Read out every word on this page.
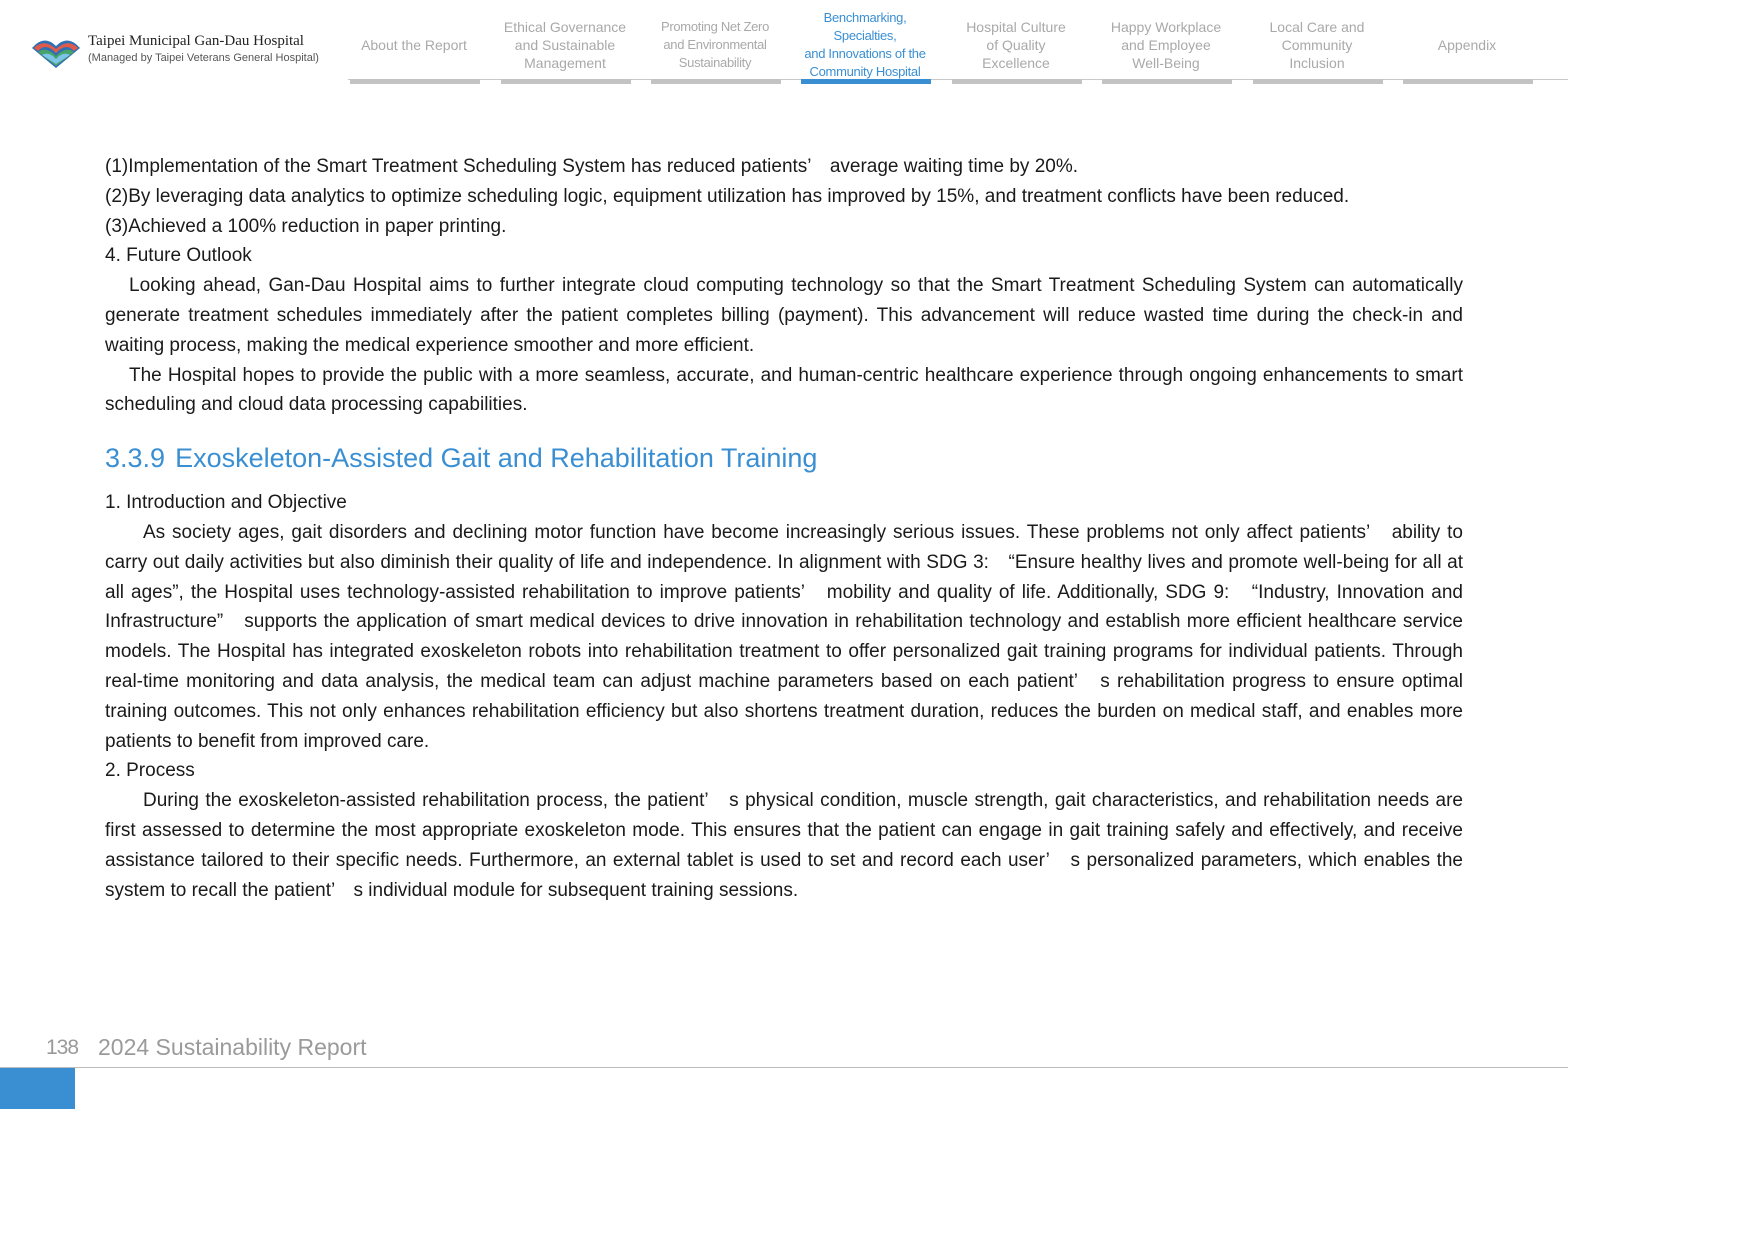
Taipei Municipal Gan-Dau Hospital
(Managed by Taipei Veterans General Hospital)
About the Report
Ethical Governance
and Sustainable
Management
Promoting Net Zero
and Environmental
Sustainability
Benchmarking, Specialties,
and Innovations of the
Community Hospital
Hospital Culture
of Quality
Excellence
Happy Workplace
and Employee
Well-Being
Local Care and
Community
Inclusion
Appendix
(1)Implementation of the Smart Treatment Scheduling System has reduced patients’　average waiting time by 20%.
(2)By leveraging data analytics to optimize scheduling logic, equipment utilization has improved by 15%, and treatment conflicts have been reduced.
(3)Achieved a 100% reduction in paper printing.
4. Future Outlook
Looking ahead, Gan-Dau Hospital aims to further integrate cloud computing technology so that the Smart Treatment Scheduling System can automatically generate treatment schedules immediately after the patient completes billing (payment). This advancement will reduce wasted time during the check-in and waiting process, making the medical experience smoother and more efficient.
The Hospital hopes to provide the public with a more seamless, accurate, and human-centric healthcare experience through ongoing enhancements to smart scheduling and cloud data processing capabilities.
3.3.9 Exoskeleton-Assisted Gait and Rehabilitation Training
1. Introduction and Objective
As society ages, gait disorders and declining motor function have become increasingly serious issues. These problems not only affect patients’　ability to carry out daily activities but also diminish their quality of life and independence. In alignment with SDG 3:　“Ensure healthy lives and promote well-being for all at all ages”, the Hospital uses technology-assisted rehabilitation to improve patients’　mobility and quality of life. Additionally, SDG 9:　“Industry, Innovation and Infrastructure”　supports the application of smart medical devices to drive innovation in rehabilitation technology and establish more efficient healthcare service models. The Hospital has integrated exoskeleton robots into rehabilitation treatment to offer personalized gait training programs for individual patients. Through real-time monitoring and data analysis, the medical team can adjust machine parameters based on each patient’　s rehabilitation progress to ensure optimal training outcomes. This not only enhances rehabilitation efficiency but also shortens treatment duration, reduces the burden on medical staff, and enables more patients to benefit from improved care.
2. Process
During the exoskeleton-assisted rehabilitation process, the patient’　s physical condition, muscle strength, gait characteristics, and rehabilitation needs are first assessed to determine the most appropriate exoskeleton mode. This ensures that the patient can engage in gait training safely and effectively, and receive assistance tailored to their specific needs. Furthermore, an external tablet is used to set and record each user’　s personalized parameters, which enables the system to recall the patient’　s individual module for subsequent training sessions.
138 2024 Sustainability Report
